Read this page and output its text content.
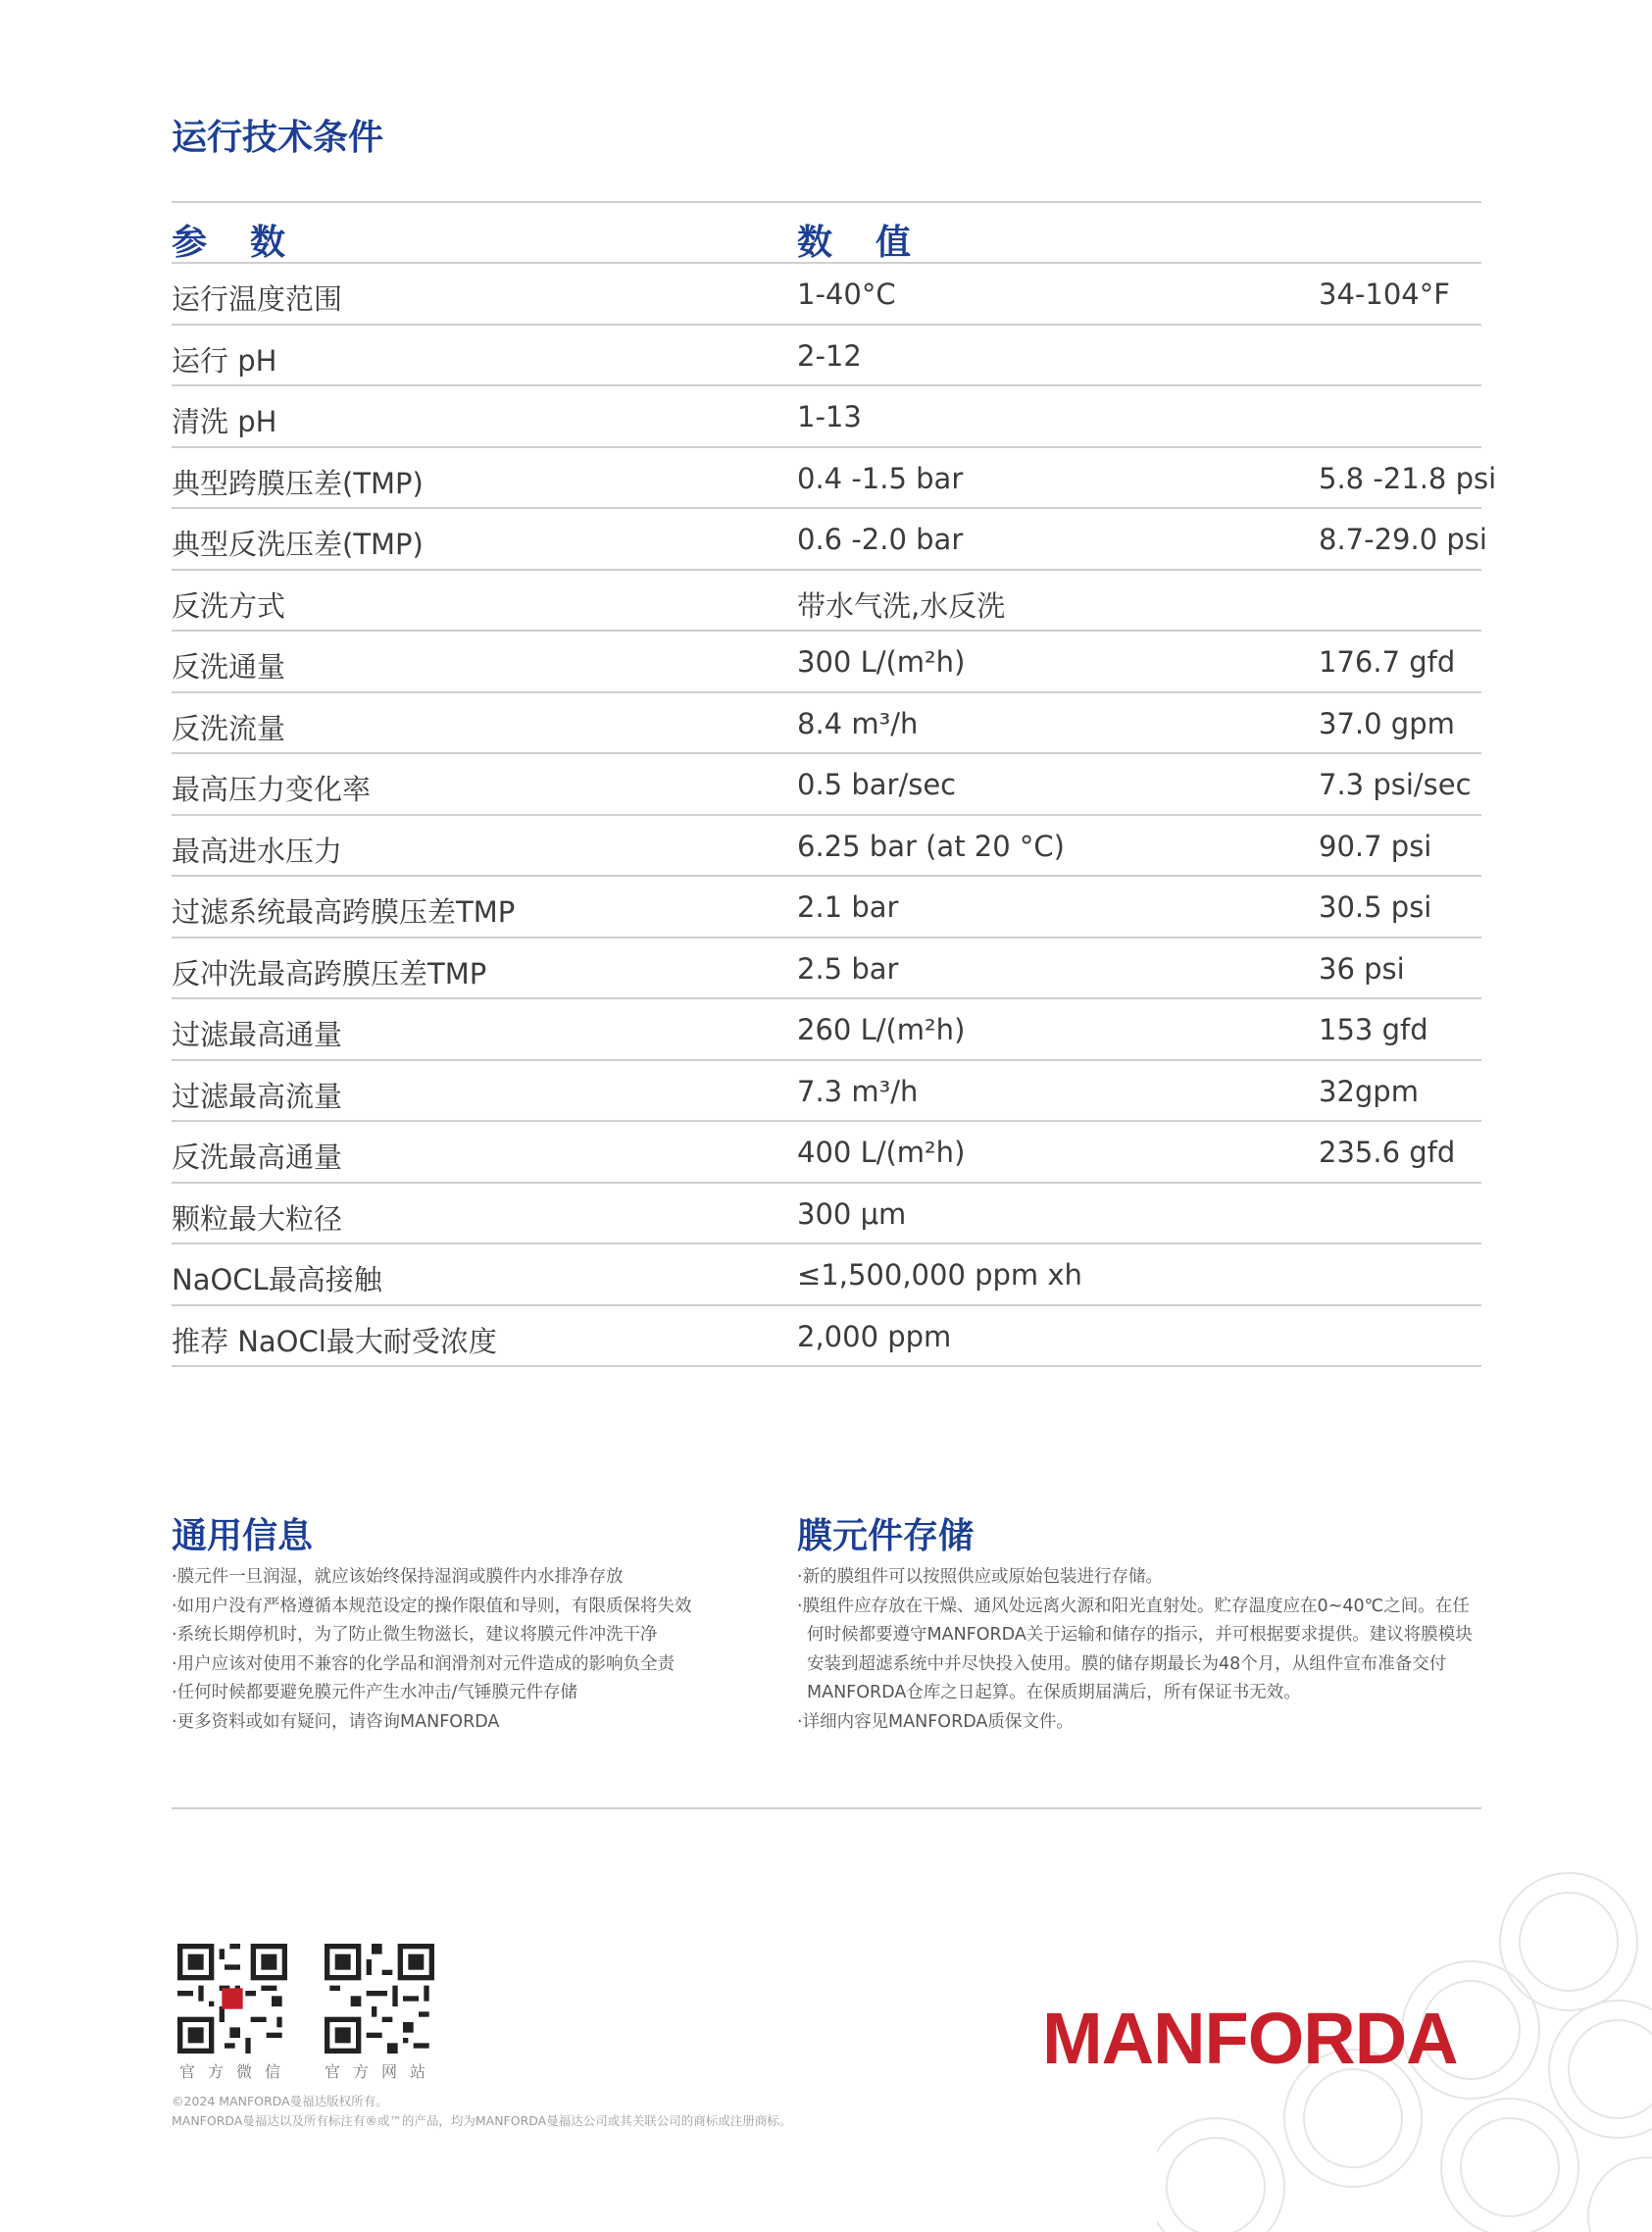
运行技术条件
参数	数值
运行温度范围	1-40°C	34-104°F
运行 pH	2-12
清洗 pH	1-13
典型跨膜压差(TMP)	0.4 -1.5 bar	5.8 -21.8 psi
典型反洗压差(TMP)	0.6 -2.0 bar	8.7-29.0 psi
反洗方式	带水气洗,水反洗
反洗通量	300 L/(m²h)	176.7 gfd
反洗流量	8.4 m³/h	37.0 gpm
最高压力变化率	0.5 bar/sec	7.3 psi/sec
最高进水压力	6.25 bar (at 20 °C)	90.7 psi
过滤系统最高跨膜压差TMP	2.1 bar	30.5 psi
反冲洗最高跨膜压差TMP	2.5 bar	36 psi
过滤最高通量	260 L/(m²h)	153 gfd
过滤最高流量	7.3 m³/h	32gpm
反洗最高通量	400 L/(m²h)	235.6 gfd
颗粒最大粒径	300 μm
NaOCL最高接触	≤1,500,000 ppm xh
推荐 NaOCl最大耐受浓度	2,000 ppm
通用信息
·膜元件一旦润湿，就应该始终保持湿润或膜件内水排净存放
·如用户没有严格遵循本规范设定的操作限值和导则，有限质保将失效
·系统长期停机时，为了防止微生物滋长，建议将膜元件冲洗干净
·用户应该对使用不兼容的化学品和润滑剂对元件造成的影响负全责
·任何时候都要避免膜元件产生水冲击/气锤膜元件存储
·更多资料或如有疑问，请咨询MANFORDA
膜元件存储
·新的膜组件可以按照供应或原始包装进行存储。
·膜组件应存放在干燥、通风处远离火源和阳光直射处。贮存温度应在0~40℃之间。在任何时候都要遵守MANFORDA关于运输和储存的指示，并可根据要求提供。建议将膜模块安装到超滤系统中并尽快投入使用。膜的储存期最长为48个月，从组件宣布准备交付MANFORDA仓库之日起算。在保质期届满后，所有保证书无效。
·详细内容见MANFORDA质保文件。
官方微信 官方网站	MANFORDA
©2024 MANFORDA曼福达版权所有。
MANFORDA曼福达以及所有标注有®或™的产品，均为MANFORDA曼福达公司或其关联公司的商标或注册商标。
